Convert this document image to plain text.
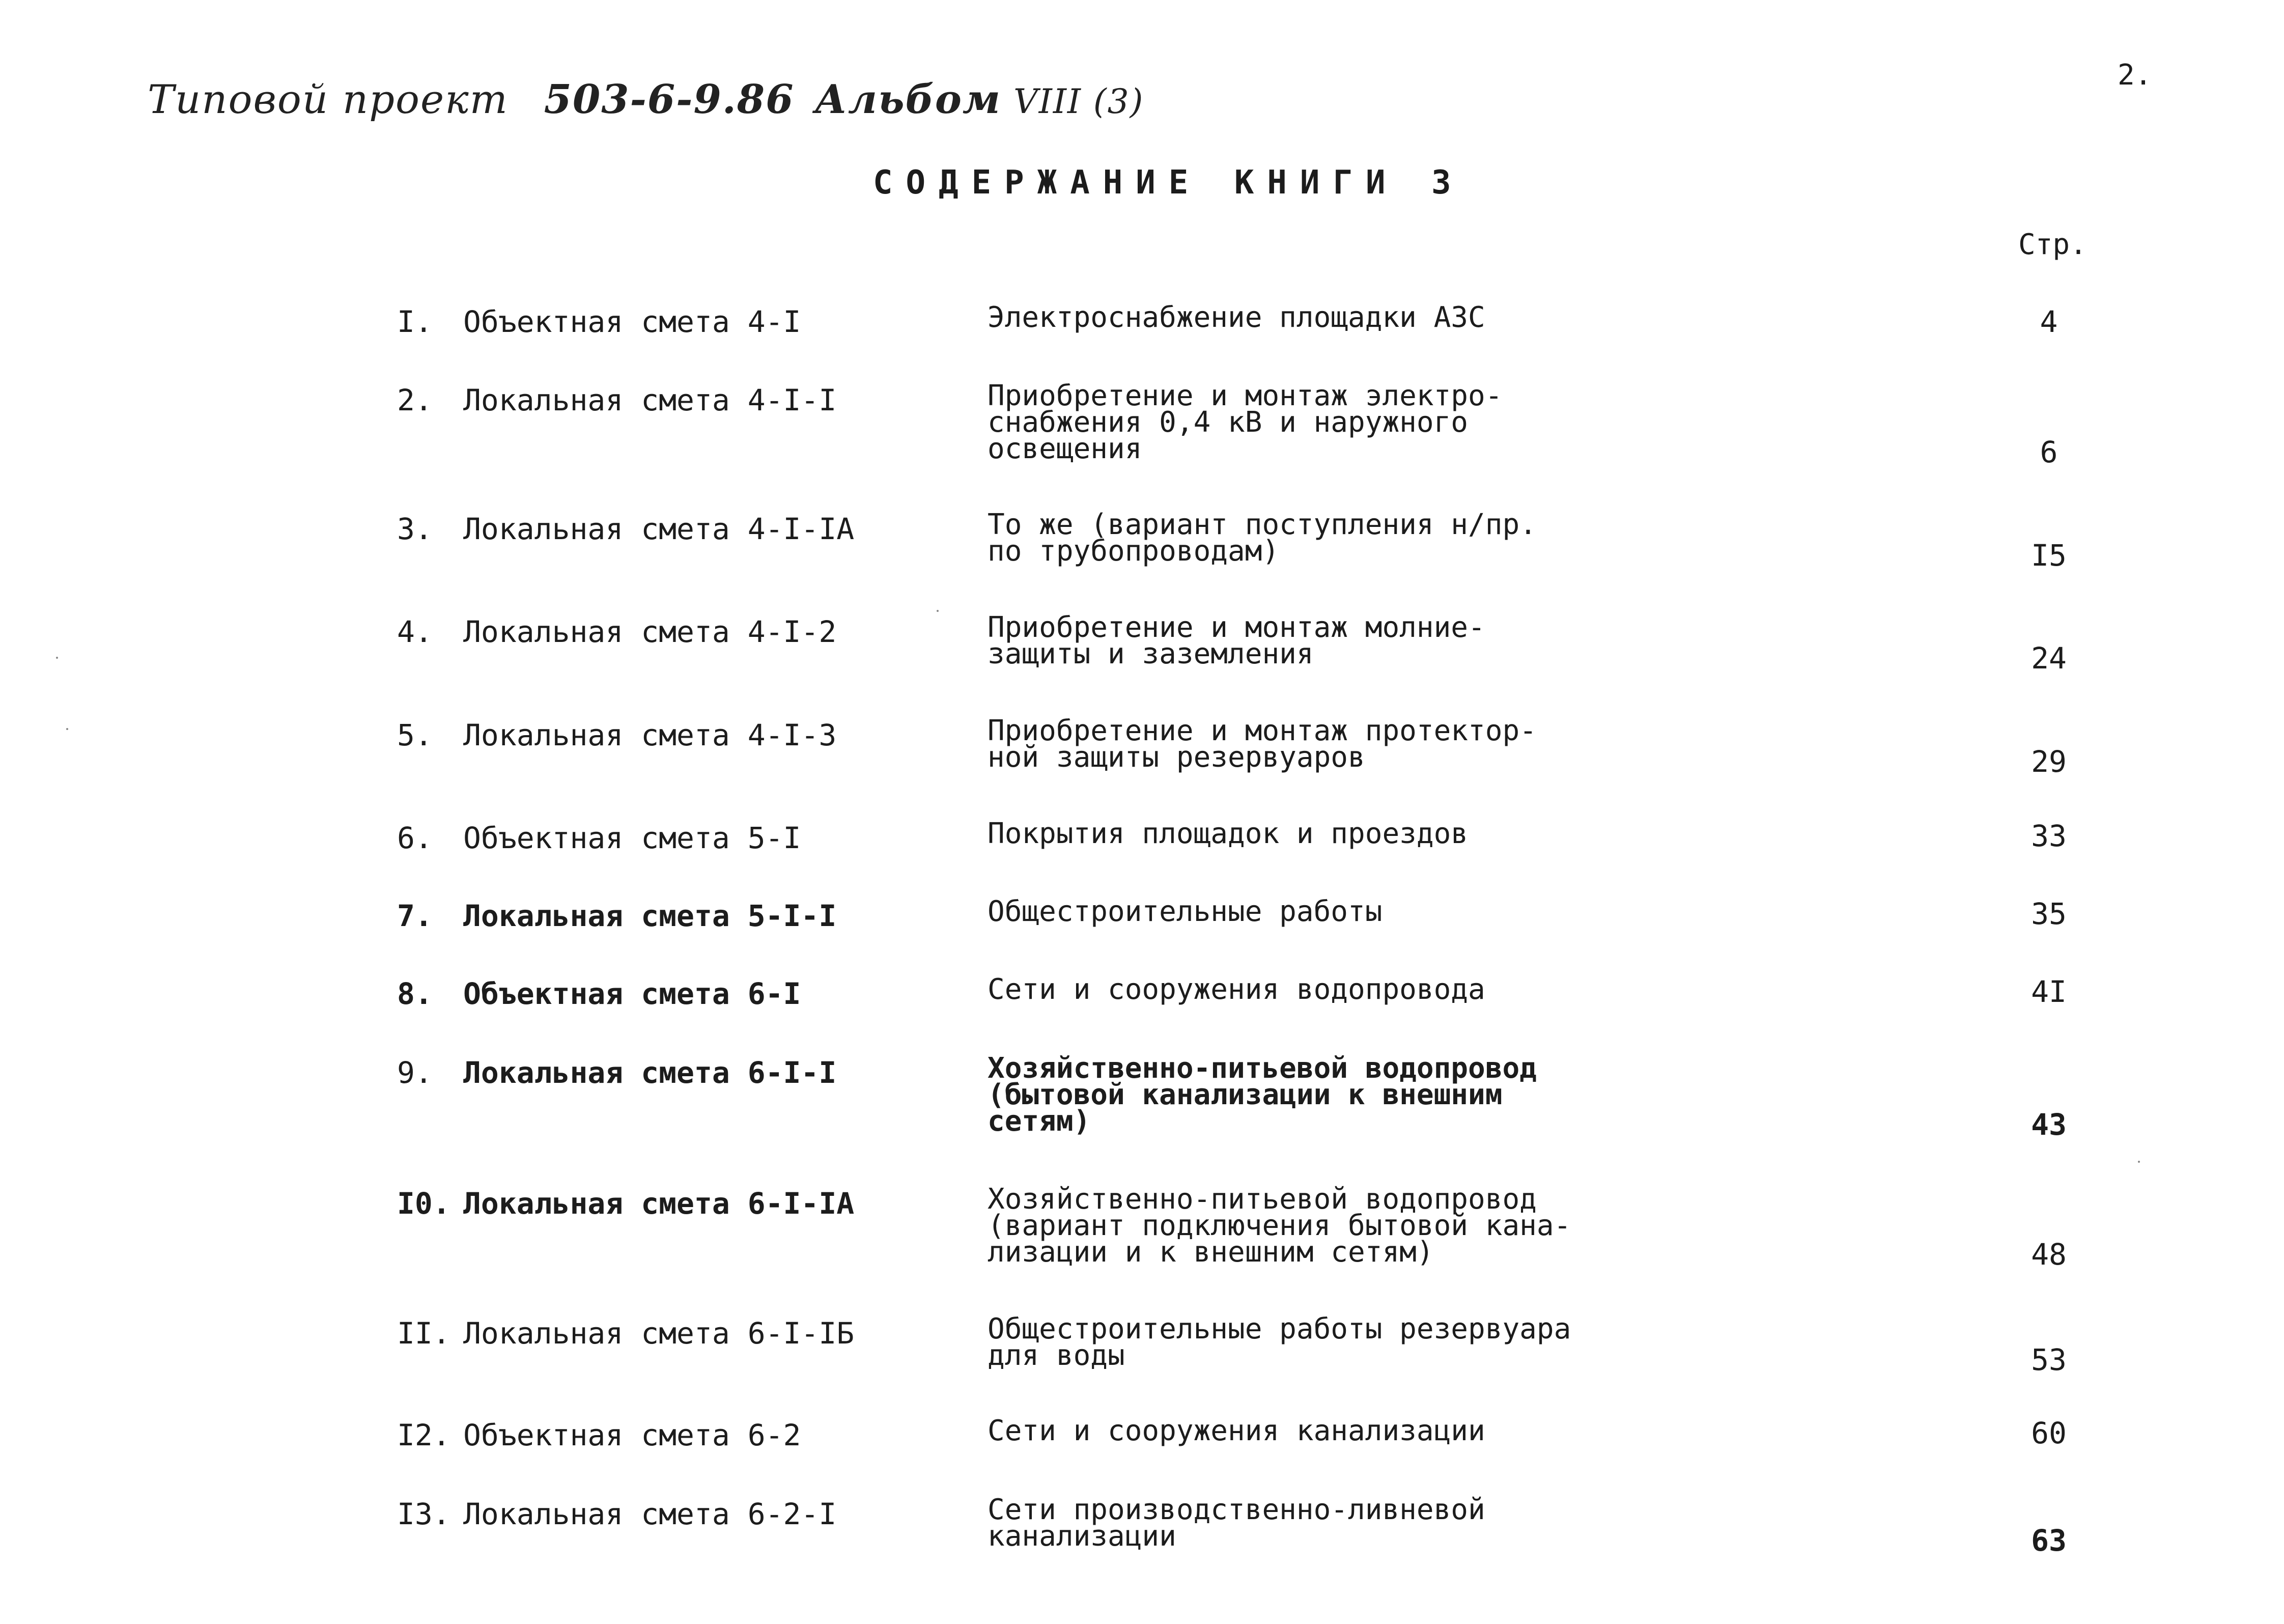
Типовой проект 503-6-9.86 Альбом VIII (3)
2.
СОДЕРЖАНИЕ КНИГИ 3
Стр.
I. Объектная смета 4-I	Электроснабжение площадки АЗС	4
2. Локальная смета 4-I-I	Приобретение и монтаж электро-
снабжения 0,4 кВ и наружного
освещения	6
3. Локальная смета 4-I-IA	То же (вариант поступления н/пр.
по трубопроводам)	I5
4. Локальная смета 4-I-2	Приобретение и монтаж молние-
защиты и заземления	24
5. Локальная смета 4-I-3	Приобретение и монтаж протектор-
ной защиты резервуаров	29
6. Объектная смета 5-I	Покрытия площадок и проездов	33
7. Локальная смета 5-I-I	Общестроительные работы	35
8. Объектная смета 6-I	Сети и сооружения водопровода	4I
9. Локальная смета 6-I-I	Хозяйственно-питьевой водопровод
(бытовой канализации к внешним
сетям)	43
I0. Локальная смета 6-I-IA	Хозяйственно-питьевой водопровод
(вариант подключения бытовой кана-
лизации и к внешним сетям)	48
II. Локальная смета 6-I-IБ	Общестроительные работы резервуара
для воды	53
I2. Объектная смета 6-2	Сети и сооружения канализации	60
I3. Локальная смета 6-2-I	Сети производственно-ливневой
канализации	63
